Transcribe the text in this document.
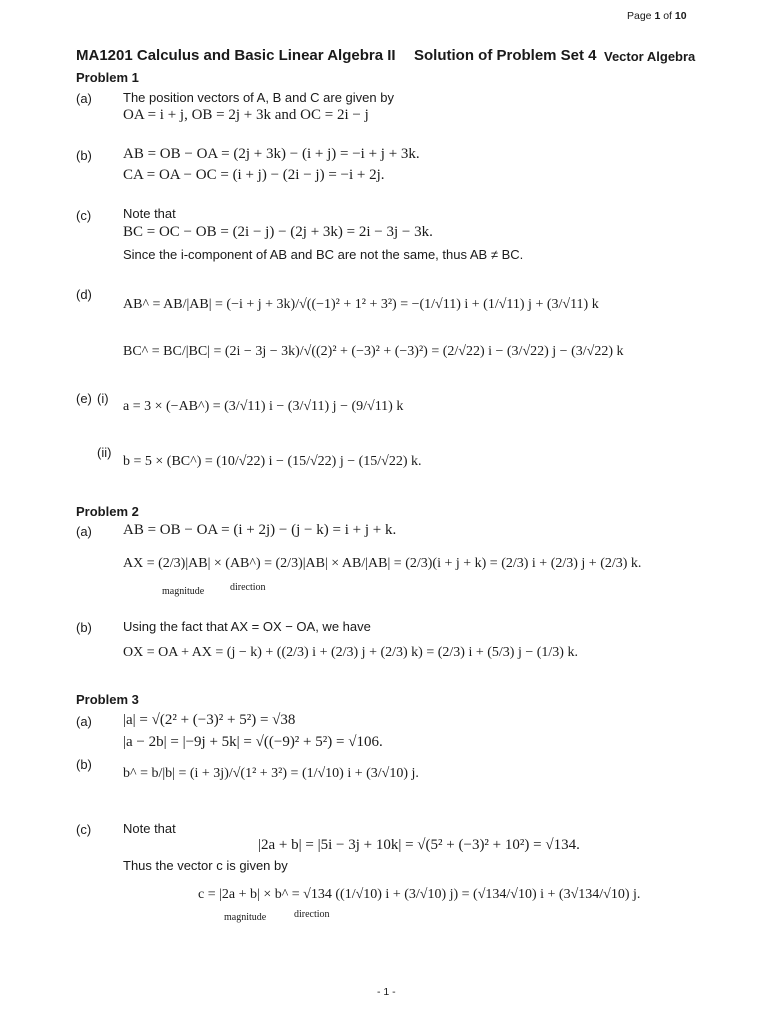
Page 1 of 10
MA1201 Calculus and Basic Linear Algebra II Solution of Problem Set 4 Vector Algebra
Problem 1
(a) The position vectors of A, B and C are given by
OA = i + j, OB = 2j + 3k and OC = 2i − j
(b) AB = OB − OA = (2j + 3k) − (i + j) = −i + j + 3k.
CA = OA − OC = (i + j) − (2i − j) = −i + 2j.
(c) Note that
BC = OC − OB = (2i − j) − (2j + 3k) = 2i − 3j − 3k.
Since the i-component of AB and BC are not the same, thus AB ≠ BC.
(d)
AB^ = AB/|AB| = (−i + j + 3k)/√((−1)² + 1² + 3²) = −(1/√11) i + (1/√11) j + (3/√11) k
BC^ = BC/|BC| = (2i − 3j − 3k)/√((2)² + (−3)² + (−3)²) = (2/√22) i − (3/√22) j − (3/√22) k
(e) (i)
a = 3 × (−AB^) = (3/√11) i − (3/√11) j − (9/√11) k
(ii)
b = 5 × (BC^) = (10/√22) i − (15/√22) j − (15/√22) k.
Problem 2
(a) AB = OB − OA = (i + 2j) − (j − k) = i + j + k.
AX = (2/3)|AB| × (AB^) = (2/3)|AB| × AB/|AB| = (2/3)(i + j + k) = (2/3) i + (2/3) j + (2/3) k.
magnitude	direction
(b) Using the fact that AX = OX − OA, we have
OX = OA + AX = (j − k) + ((2/3) i + (2/3) j + (2/3) k) = (2/3) i + (5/3) j − (1/3) k.
Problem 3
(a) |a| = √(2² + (−3)² + 5²) = √38
|a − 2b| = |−9j + 5k| = √((−9)² + 5²) = √106.
(b)
b^ = b/|b| = (i + 3j)/√(1² + 3²) = (1/√10) i + (3/√10) j.
(c) Note that
|2a + b| = |5i − 3j + 10k| = √(5² + (−3)² + 10²) = √134.
Thus the vector c is given by
c = |2a + b| × b^ = √134 ((1/√10) i + (3/√10) j) = (√134/√10) i + (3√134/√10) j.
magnitude	direction
- 1 -
